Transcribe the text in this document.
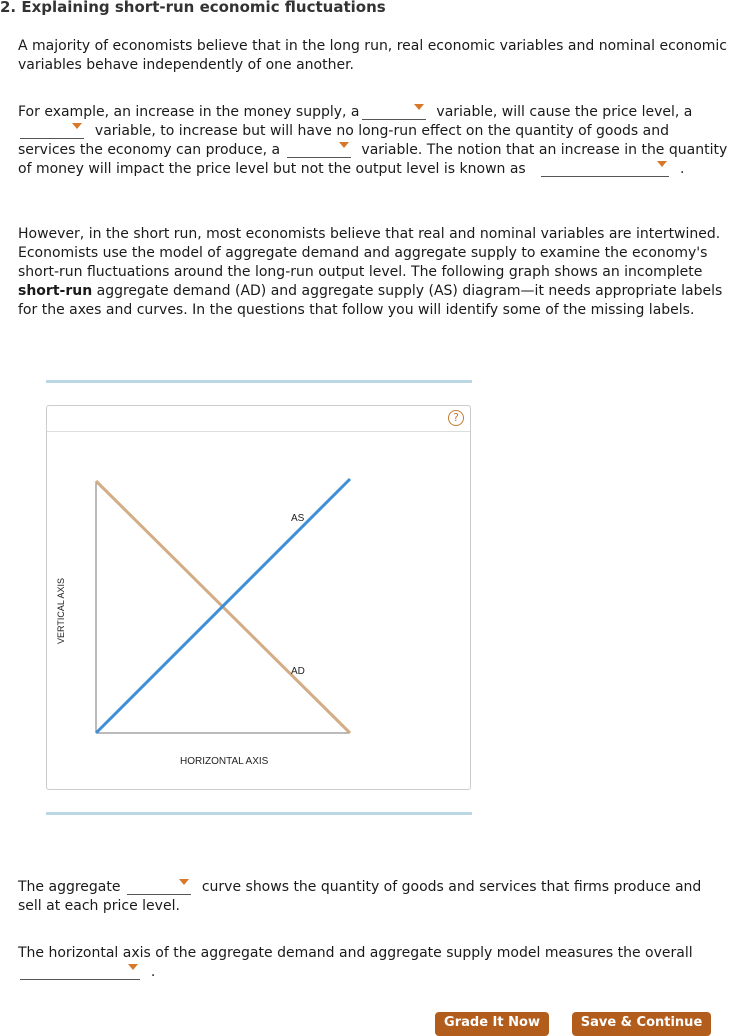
2. Explaining short-run economic fluctuations
A majority of economists believe that in the long run, real economic variables and nominal economic variables behave independently of one another.
For example, an increase in the money supply, a	variable, will cause the price level, a
variable, to increase but will have no long-run effect on the quantity of goods and services the economy can produce, a	variable. The notion that an increase in the quantity of money will impact the price level but not the output level is known as	.
However, in the short run, most economists believe that real and nominal variables are intertwined. Economists use the model of aggregate demand and aggregate supply to examine the economy's short-run fluctuations around the long-run output level. The following graph shows an incomplete short-run aggregate demand (AD) and aggregate supply (AS) diagram—it needs appropriate labels for the axes and curves. In the questions that follow you will identify some of the missing labels.
?
AS
AD
VERTICAL AXIS
HORIZONTAL AXIS
The aggregate	curve shows the quantity of goods and services that firms produce and sell at each price level.
The horizontal axis of the aggregate demand and aggregate supply model measures the overall
.
Grade It Now	Save & Continue
